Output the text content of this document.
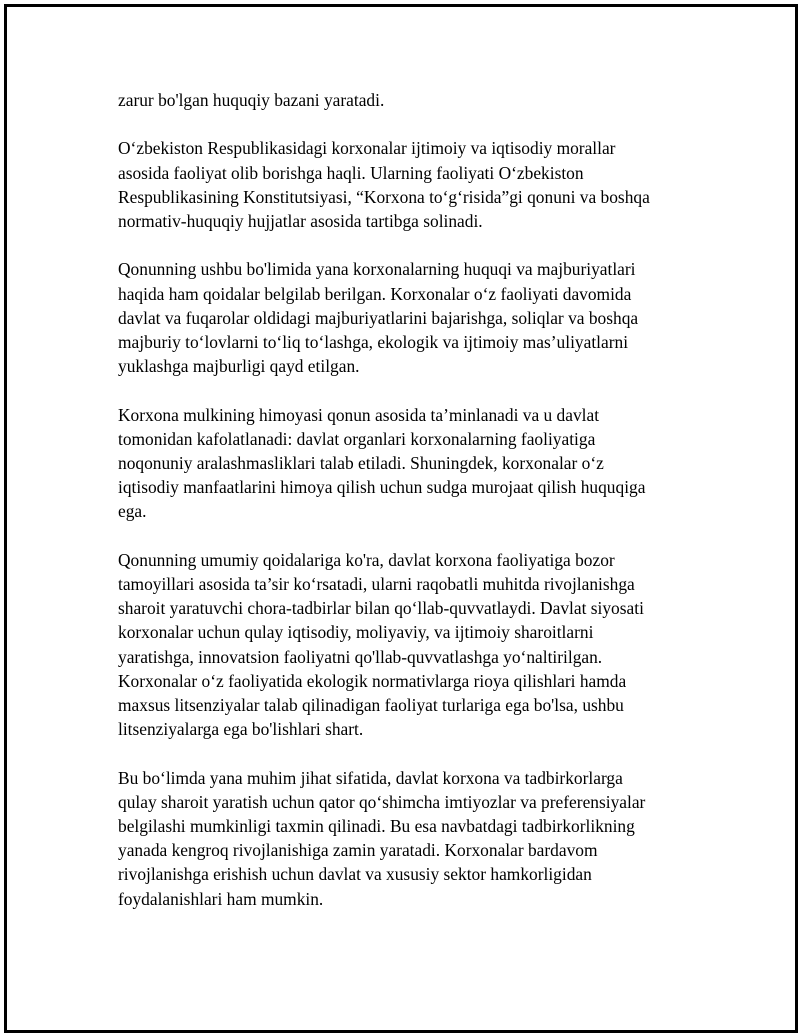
zarur bo'lgan huquqiy bazani yaratadi.

O‘zbekiston Respublikasidagi korxonalar ijtimoiy va iqtisodiy morallar
asosida faoliyat olib borishga haqli. Ularning faoliyati O‘zbekiston
Respublikasining Konstitutsiyasi, “Korxona to‘g‘risida”gi qonuni va boshqa
normativ-huquqiy hujjatlar asosida tartibga solinadi.

Qonunning ushbu bo'limida yana korxonalarning huquqi va majburiyatlari
haqida ham qoidalar belgilab berilgan. Korxonalar o‘z faoliyati davomida
davlat va fuqarolar oldidagi majburiyatlarini bajarishga, soliqlar va boshqa
majburiy to‘lovlarni to‘liq to‘lashga, ekologik va ijtimoiy mas’uliyatlarni
yuklashga majburligi qayd etilgan.

Korxona mulkining himoyasi qonun asosida ta’minlanadi va u davlat
tomonidan kafolatlanadi: davlat organlari korxonalarning faoliyatiga
noqonuniy aralashmasliklari talab etiladi. Shuningdek, korxonalar o‘z
iqtisodiy manfaatlarini himoya qilish uchun sudga murojaat qilish huquqiga
ega.

Qonunning umumiy qoidalariga ko'ra, davlat korxona faoliyatiga bozor
tamoyillari asosida ta’sir ko‘rsatadi, ularni raqobatli muhitda rivojlanishga
sharoit yaratuvchi chora-tadbirlar bilan qo‘llab-quvvatlaydi. Davlat siyosati
korxonalar uchun qulay iqtisodiy, moliyaviy, va ijtimoiy sharoitlarni
yaratishga, innovatsion faoliyatni qo'llab-quvvatlashga yo‘naltirilgan.
Korxonalar o‘z faoliyatida ekologik normativlarga rioya qilishlari hamda
maxsus litsenziyalar talab qilinadigan faoliyat turlariga ega bo'lsa, ushbu
litsenziyalarga ega bo'lishlari shart.

Bu bo‘limda yana muhim jihat sifatida, davlat korxona va tadbirkorlarga
qulay sharoit yaratish uchun qator qo‘shimcha imtiyozlar va preferensiyalar
belgilashi mumkinligi taxmin qilinadi. Bu esa navbatdagi tadbirkorlikning
yanada kengroq rivojlanishiga zamin yaratadi. Korxonalar bardavom
rivojlanishga erishish uchun davlat va xususiy sektor hamkorligidan
foydalanishlari ham mumkin.
